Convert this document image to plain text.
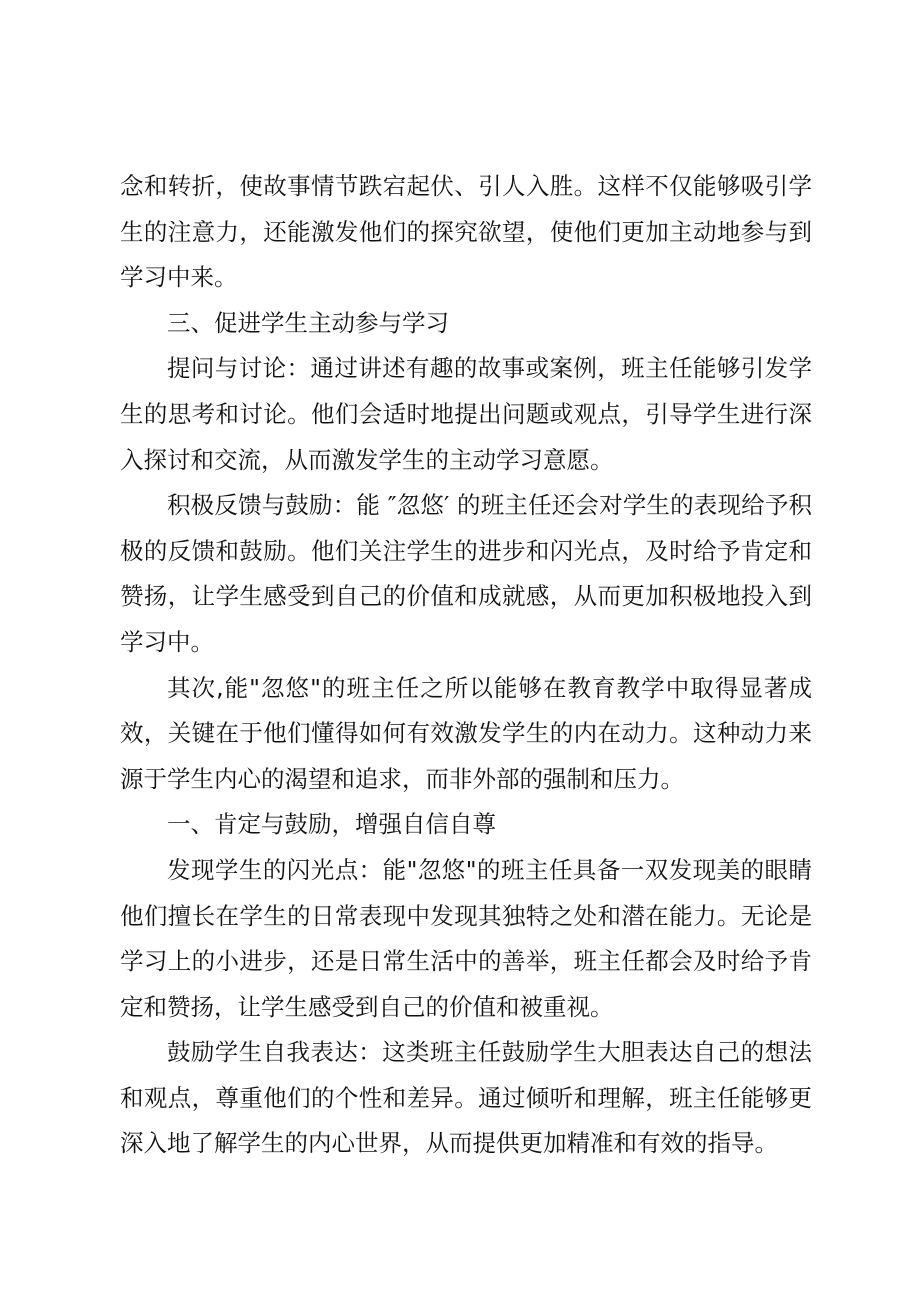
念和转折，使故事情节跌宕起伏、引人入胜。这样不仅能够吸引学生的注意力，还能激发他们的探究欲望，使他们更加主动地参与到学习中来。

三、促进学生主动参与学习

提问与讨论：通过讲述有趣的故事或案例，班主任能够引发学生的思考和讨论。他们会适时地提出问题或观点，引导学生进行深入探讨和交流，从而激发学生的主动学习意愿。

积极反馈与鼓励：能 ″忽悠′ 的班主任还会对学生的表现给予积极的反馈和鼓励。他们关注学生的进步和闪光点，及时给予肯定和赞扬，让学生感受到自己的价值和成就感，从而更加积极地投入到学习中。

其次,能"忽悠"的班主任之所以能够在教育教学中取得显著成效，关键在于他们懂得如何有效激发学生的内在动力。这种动力来源于学生内心的渴望和追求，而非外部的强制和压力。

一、肯定与鼓励，增强自信自尊

发现学生的闪光点：能"忽悠"的班主任具备一双发现美的眼睛他们擅长在学生的日常表现中发现其独特之处和潜在能力。无论是学习上的小进步，还是日常生活中的善举，班主任都会及时给予肯定和赞扬，让学生感受到自己的价值和被重视。

鼓励学生自我表达：这类班主任鼓励学生大胆表达自己的想法和观点，尊重他们的个性和差异。通过倾听和理解，班主任能够更深入地了解学生的内心世界，从而提供更加精准和有效的指导。
